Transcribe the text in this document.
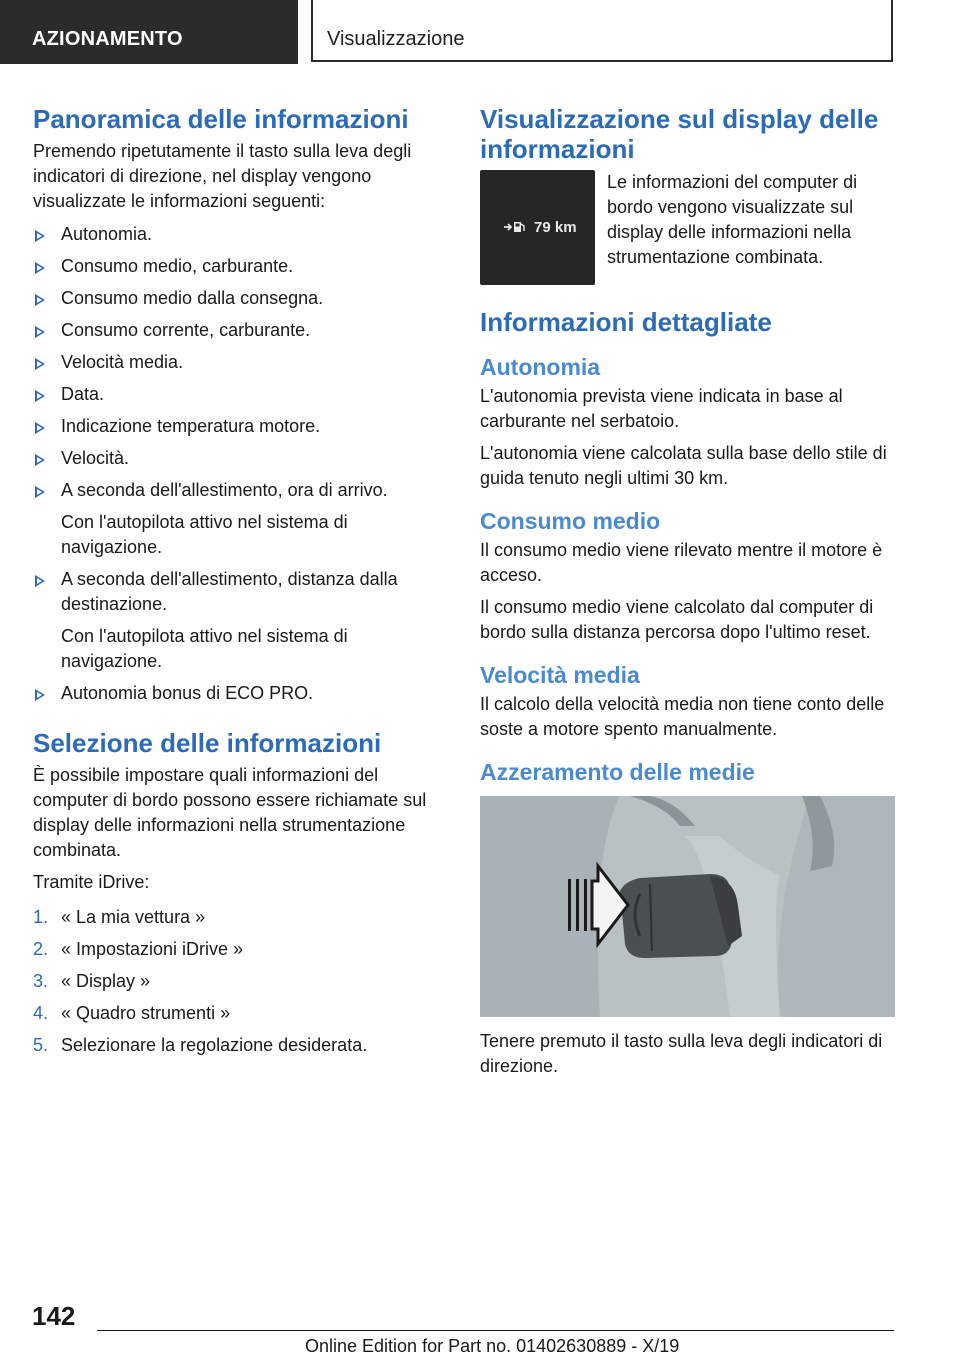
AZIONAMENTO	Visualizzazione
Panoramica delle informazioni

Premendo ripetutamente il tasto sulla leva degli indicatori di direzione, nel display vengono visualizzate le informazioni seguenti:

Autonomia.
Consumo medio, carburante.
Consumo medio dalla consegna.
Consumo corrente, carburante.
Velocità media.
Data.
Indicazione temperatura motore.
Velocità.
A seconda dell'allestimento, ora di arrivo.
Con l'autopilota attivo nel sistema di navigazione.
A seconda dell'allestimento, distanza dalla destinazione.
Con l'autopilota attivo nel sistema di navigazione.
Autonomia bonus di ECO PRO.
Selezione delle informazioni

È possibile impostare quali informazioni del computer di bordo possono essere richiamate sul display delle informazioni nella strumentazione combinata.

Tramite iDrive:

1. « La mia vettura »
2. « Impostazioni iDrive »
3. « Display »
4. « Quadro strumenti »
5. Selezionare la regolazione desiderata.
Visualizzazione sul display delle informazioni
79 km

Le informazioni del computer di bordo vengono visualizzate sul display delle informazioni nella strumentazione combinata.

Informazioni dettagliate
Autonomia

L'autonomia prevista viene indicata in base al carburante nel serbatoio.

L'autonomia viene calcolata sulla base dello stile di guida tenuto negli ultimi 30 km.

Consumo medio

Il consumo medio viene rilevato mentre il motore è acceso.

Il consumo medio viene calcolato dal computer di bordo sulla distanza percorsa dopo l'ultimo reset.

Velocità media

Il calcolo della velocità media non tiene conto delle soste a motore spento manualmente.

Azzeramento delle medie

Tenere premuto il tasto sulla leva degli indicatori di direzione.

142
Online Edition for Part no. 01402630889 - X/19
